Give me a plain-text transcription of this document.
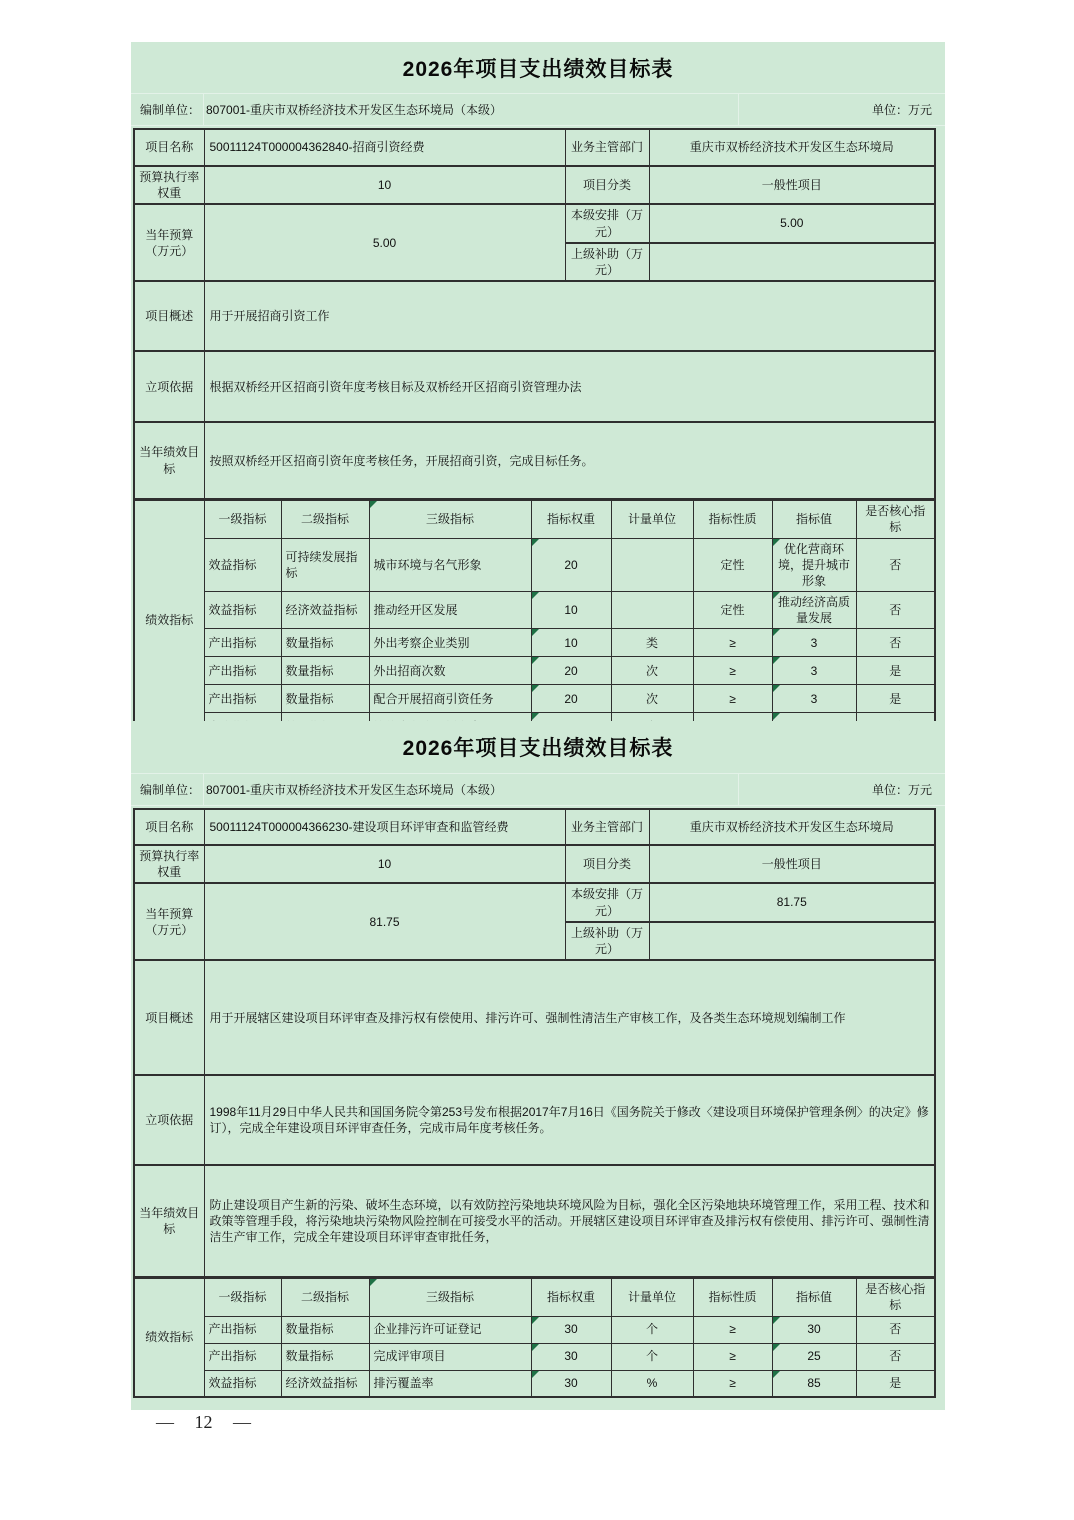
2026年项目支出绩效目标表
编制单位： 807001-重庆市双桥经济技术开发区生态环境局（本级）	单位：万元
项目名称	50011124T000004362840-招商引资经费	业务主管部门	重庆市双桥经济技术开发区生态环境局
预算执行率权重	10	项目分类	一般性项目
当年预算（万元）	5.00	本级安排（万元）	5.00
		上级补助（万元）	
项目概述	用于开展招商引资工作		
立项依据	根据双桥经开区招商引资年度考核目标及双桥经开区招商引资管理办法		
当年绩效目标	按照双桥经开区招商引资年度考核任务，开展招商引资，完成目标任务。		
绩效指标	一级指标	二级指标	三级指标	指标权重	计量单位	指标性质	指标值	是否核心指标
	效益指标	可持续发展指标	城市环境与名气形象	20		定性	优化营商环境，提升城市形象	否
	效益指标	经济效益指标	推动经开区发展	10		定性	推动经济高质量发展	否
	产出指标	数量指标	外出考察企业类别	10	类	≥	3	否
	产出指标	数量指标	外出招商次数	20	次	≥	3	是
	产出指标	数量指标	配合开展招商引资任务	20	次	≥	3	是

2026年项目支出绩效目标表
编制单位： 807001-重庆市双桥经济技术开发区生态环境局（本级）	单位：万元
项目名称	50011124T000004366230-建设项目环评审查和监管经费	业务主管部门	重庆市双桥经济技术开发区生态环境局
预算执行率权重	10	项目分类	一般性项目
当年预算（万元）	81.75	本级安排（万元）	81.75
		上级补助（万元）	
项目概述	用于开展辖区建设项目环评审查及排污权有偿使用、排污许可、强制性清洁生产审核工作，及各类生态环境规划编制工作		
立项依据	1998年11月29日中华人民共和国国务院令第253号发布根据2017年7月16日《国务院关于修改〈建设项目环境保护管理条例〉的决定》修订），完成全年建设项目环评审查任务，完成市局年度考核任务。		
当年绩效目标	防止建设项目产生新的污染、破坏生态环境，以有效防控污染地块环境风险为目标，强化全区污染地块环境管理工作，采用工程、技术和政策等管理手段，将污染地块污染物风险控制在可接受水平的活动。开展辖区建设项目环评审查及排污权有偿使用、排污许可、强制性清洁生产审工作，完成全年建设项目环评审查审批任务，		
绩效指标	一级指标	二级指标	三级指标	指标权重	计量单位	指标性质	指标值	是否核心指标
	产出指标	数量指标	企业排污许可证登记	30	个	≥	30	否
	产出指标	数量指标	完成评审项目	30	个	≥	25	否
	效益指标	经济效益指标	排污覆盖率	30	%	≥	85	是
— 12 —
